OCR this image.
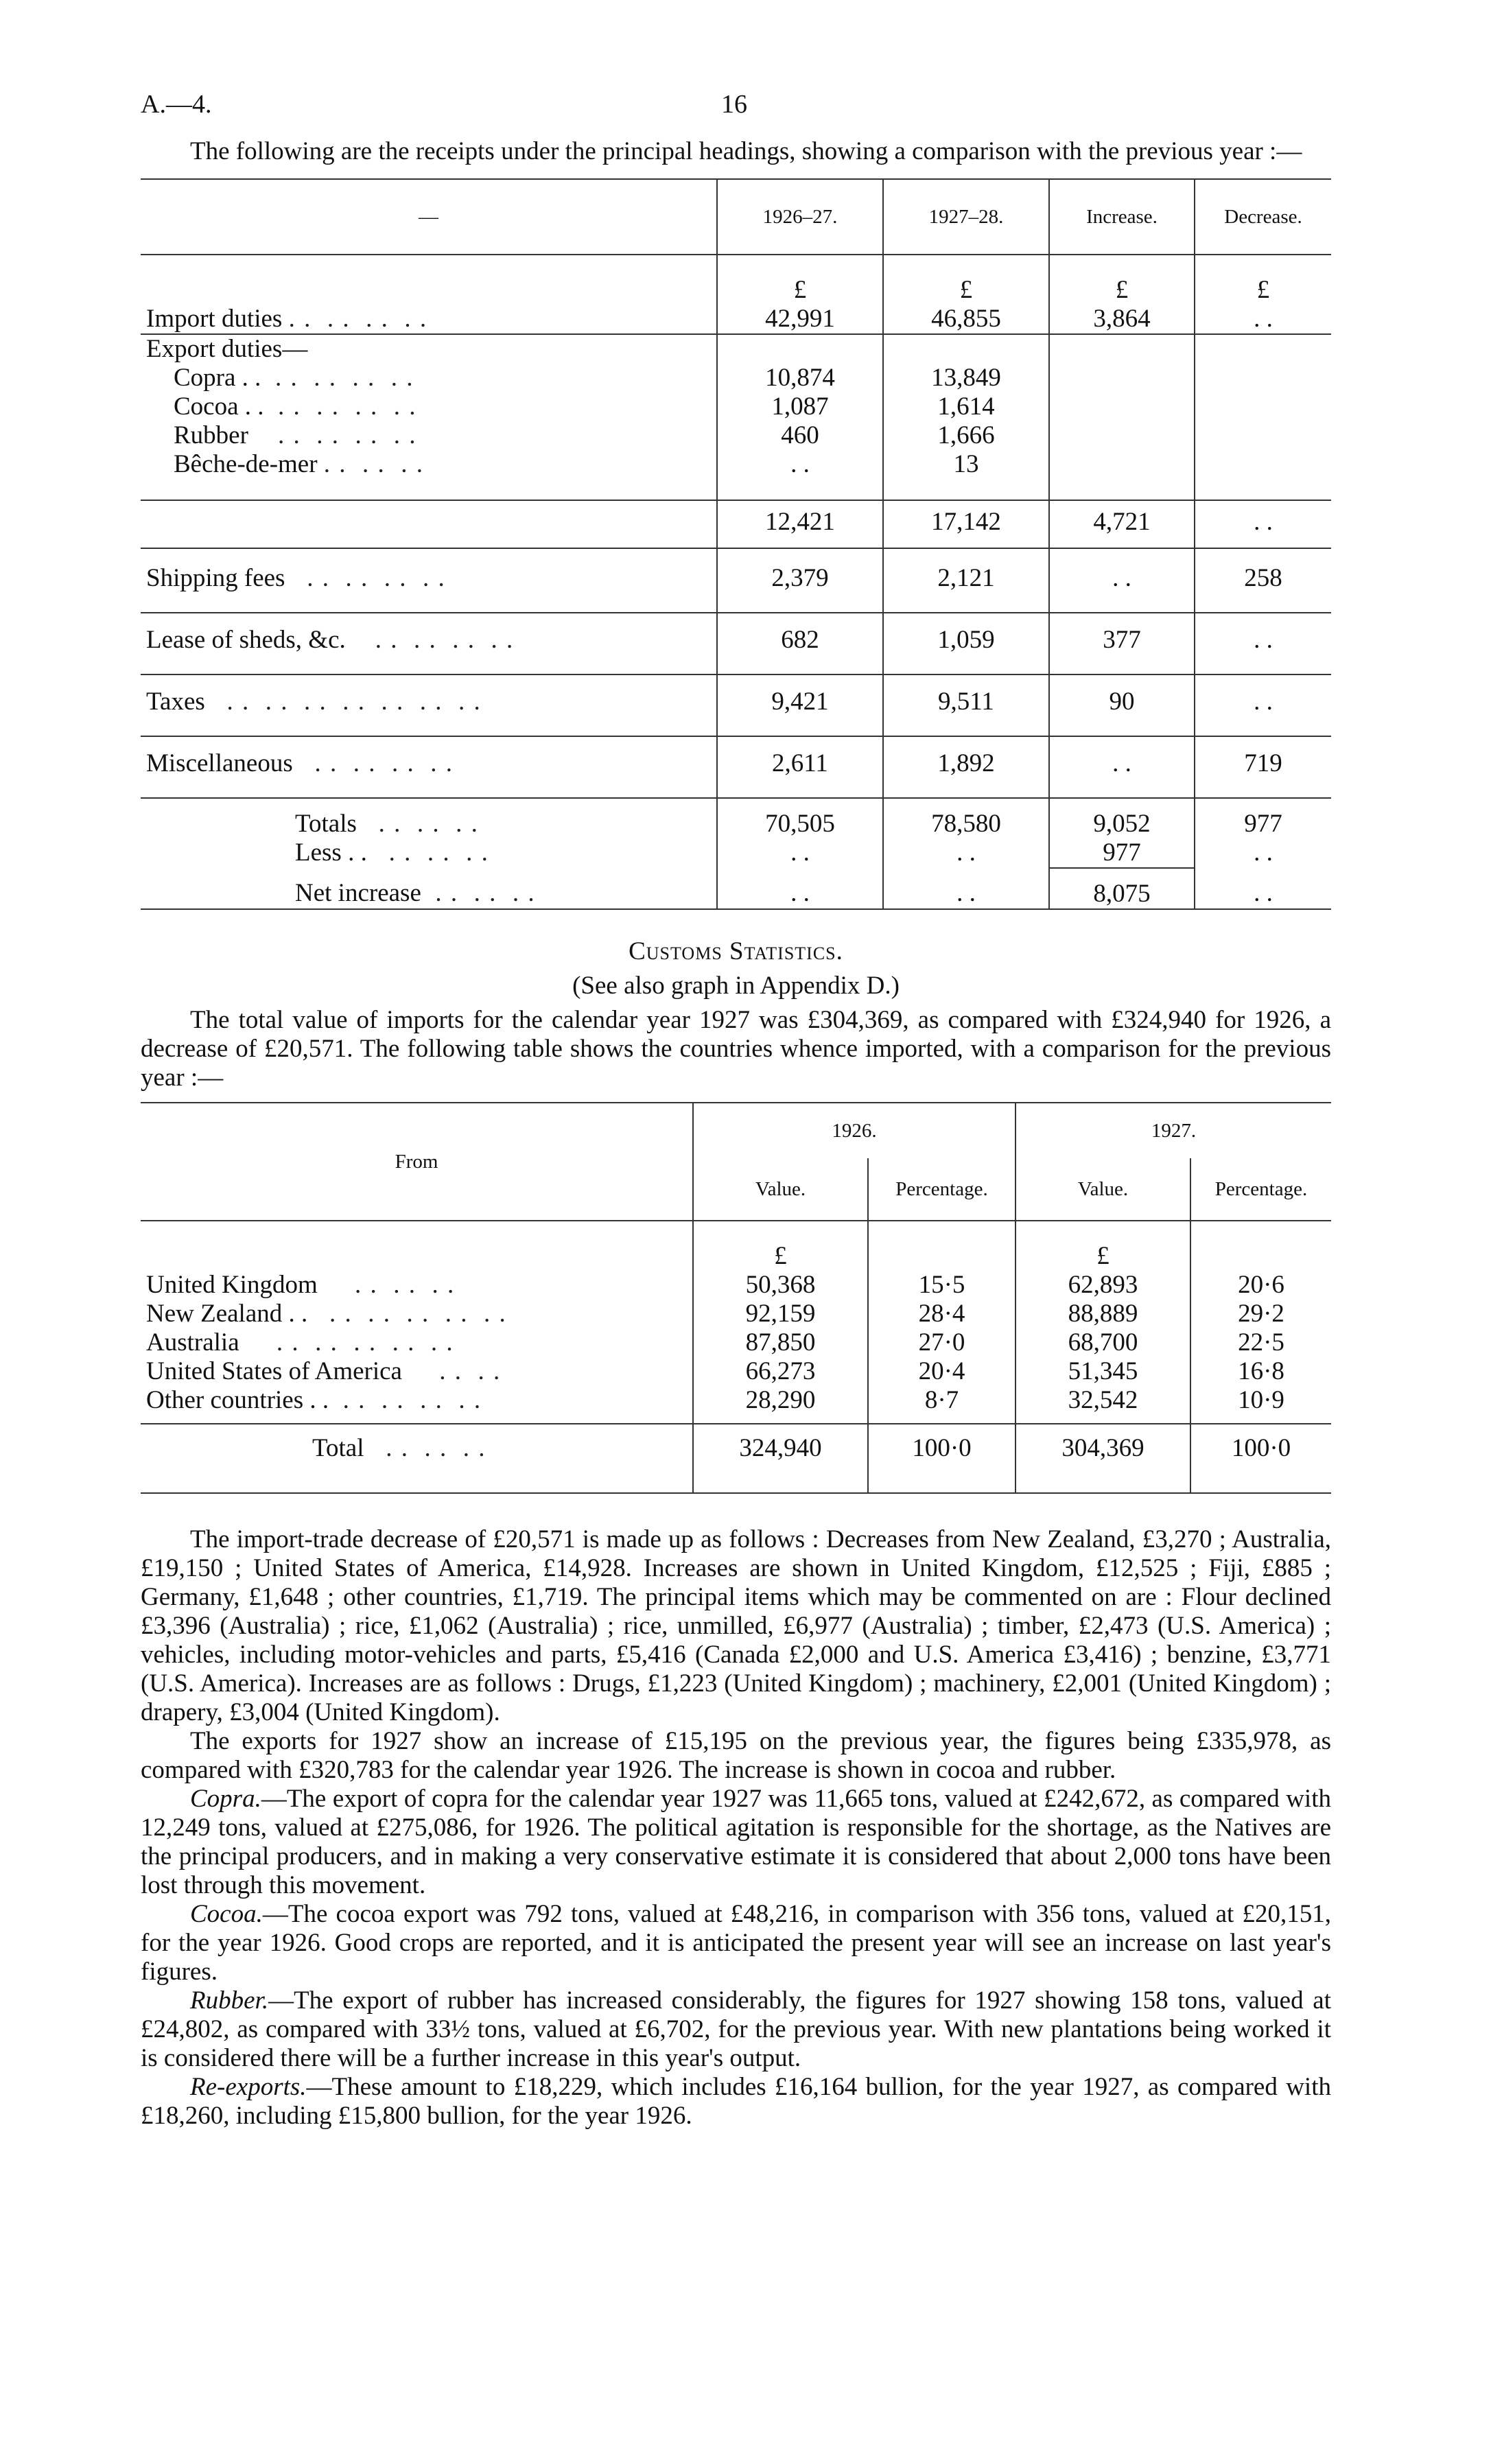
A.—4.	16

The following are the receipts under the principal headings, showing a comparison with the previous year :—

—	1926–27.	1927–28.	Increase.	Decrease.
	£	£	£	£
Import duties . .  . .  . .  . .	42,991	46,855	3,864	. .
Export duties—				
Copra . .  . .  . .  . .  . .	10,874	13,849		
Cocoa . .  . .  . .  . .  . .	1,087	1,614		
Rubber    . .  . .  . .  . .	460	1,666		
Bêche-de-mer . .  . .  . .	. .	13		
	12,421	17,142	4,721	. .
Shipping fees   . .  . .  . .  . .	2,379	2,121	. .	258
Lease of sheds, &c.    . .  . .  . .  . .	682	1,059	377	. .
Taxes   . .  . .  . .  . .  . .  . .  . .	9,421	9,511	90	. .
Miscellaneous   . .  . .  . .  . .	2,611	1,892	. .	719
Totals   . .  . .  . .	70,505	78,580	9,052	977
Less . .   . .  . .  . .	. .	. .	977	. .
Net increase  . .  . .  . .	. .	. .	8,075	. .
Customs Statistics.
(See also graph in Appendix D.)

The total value of imports for the calendar year 1927 was £304,369, as compared with £324,940 for 1926, a decrease of £20,571. The following table shows the countries whence imported, with a comparison for the previous year :—

From	1926.		1927.	
	Value.	Percentage.	Value.	Percentage.
	£		£	
United Kingdom     . .  . .  . .	50,368	15·5	62,893	20·6
New Zealand . .   . .  . .  . .  . .  . .	92,159	28·4	88,889	29·2
Australia     . .  . .  . .  . .  . .	87,850	27·0	68,700	22·5
United States of America     . .  . .	66,273	20·4	51,345	16·8
Other countries . .  . .  . .  . .  . .	28,290	8·7	32,542	10·9
Total   . .  . .  . .	324,940	100·0	304,369	100·0

The import-trade decrease of £20,571 is made up as follows : Decreases from New Zealand, £3,270 ; Australia, £19,150 ; United States of America, £14,928. Increases are shown in United Kingdom, £12,525 ; Fiji, £885 ; Germany, £1,648 ; other countries, £1,719. The principal items which may be commented on are : Flour declined £3,396 (Australia) ; rice, £1,062 (Australia) ; rice, unmilled, £6,977 (Australia) ; timber, £2,473 (U.S. America) ; vehicles, including motor-vehicles and parts, £5,416 (Canada £2,000 and U.S. America £3,416) ; benzine, £3,771 (U.S. America). Increases are as follows : Drugs, £1,223 (United Kingdom) ; machinery, £2,001 (United Kingdom) ; drapery, £3,004 (United Kingdom).

The exports for 1927 show an increase of £15,195 on the previous year, the figures being £335,978, as compared with £320,783 for the calendar year 1926. The increase is shown in cocoa and rubber.

Copra.—The export of copra for the calendar year 1927 was 11,665 tons, valued at £242,672, as compared with 12,249 tons, valued at £275,086, for 1926. The political agitation is responsible for the shortage, as the Natives are the principal producers, and in making a very conservative estimate it is considered that about 2,000 tons have been lost through this movement.

Cocoa.—The cocoa export was 792 tons, valued at £48,216, in comparison with 356 tons, valued at £20,151, for the year 1926. Good crops are reported, and it is anticipated the present year will see an increase on last year's figures.

Rubber.—The export of rubber has increased considerably, the figures for 1927 showing 158 tons, valued at £24,802, as compared with 33½ tons, valued at £6,702, for the previous year. With new plantations being worked it is considered there will be a further increase in this year's output.

Re-exports.—These amount to £18,229, which includes £16,164 bullion, for the year 1927, as compared with £18,260, including £15,800 bullion, for the year 1926.
